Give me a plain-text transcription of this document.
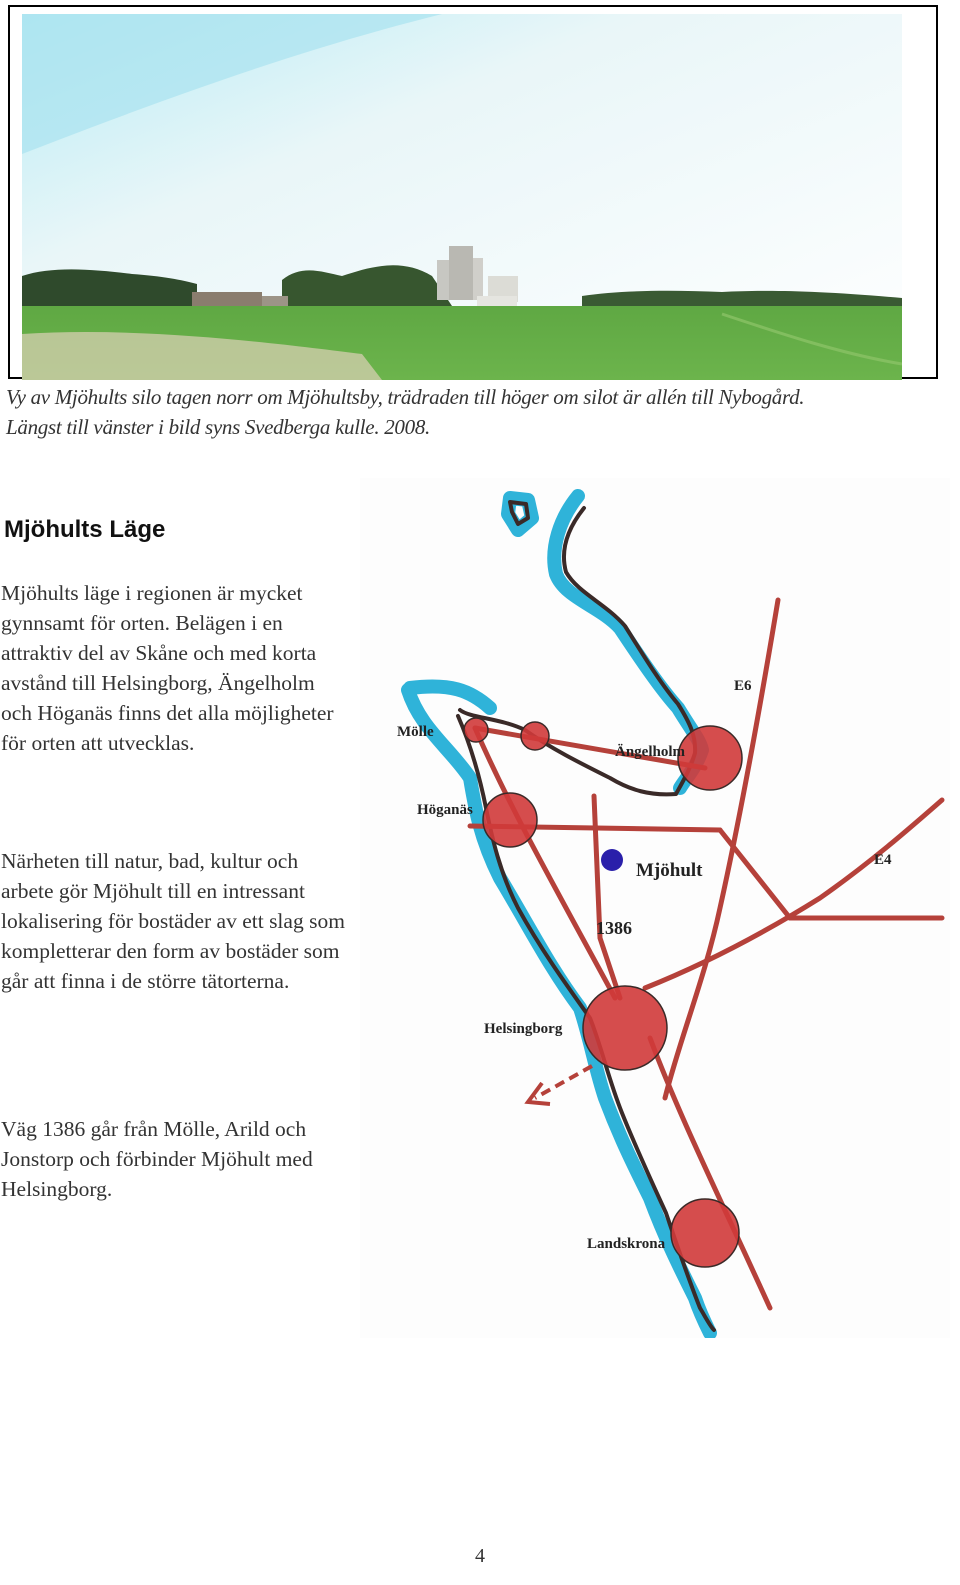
Vy av Mjöhults silo tagen norr om Mjöhultsby, trädraden till höger om silot är allén till Nybogård.
Längst till vänster i bild syns Svedberga kulle. 2008.
Mjöhults Läge
Mjöhults läge i regionen är mycket gynnsamt för orten. Belägen i en attraktiv del av Skåne och med korta avstånd till Helsingborg, Ängelholm och Höganäs finns det alla möjligheter för orten att utvecklas.
Närheten till natur, bad, kultur och arbete gör Mjöhult till en intressant lokalisering för bostäder av ett slag som kompletterar den form av bostäder som går att finna i de större tätorterna.
Väg 1386 går från Mölle, Arild och Jonstorp och förbinder Mjöhult med Helsingborg.
Mölle
Höganäs
Ängelholm
E6
Mjöhult	E4
1386
Helsingborg
Landskrona
4
